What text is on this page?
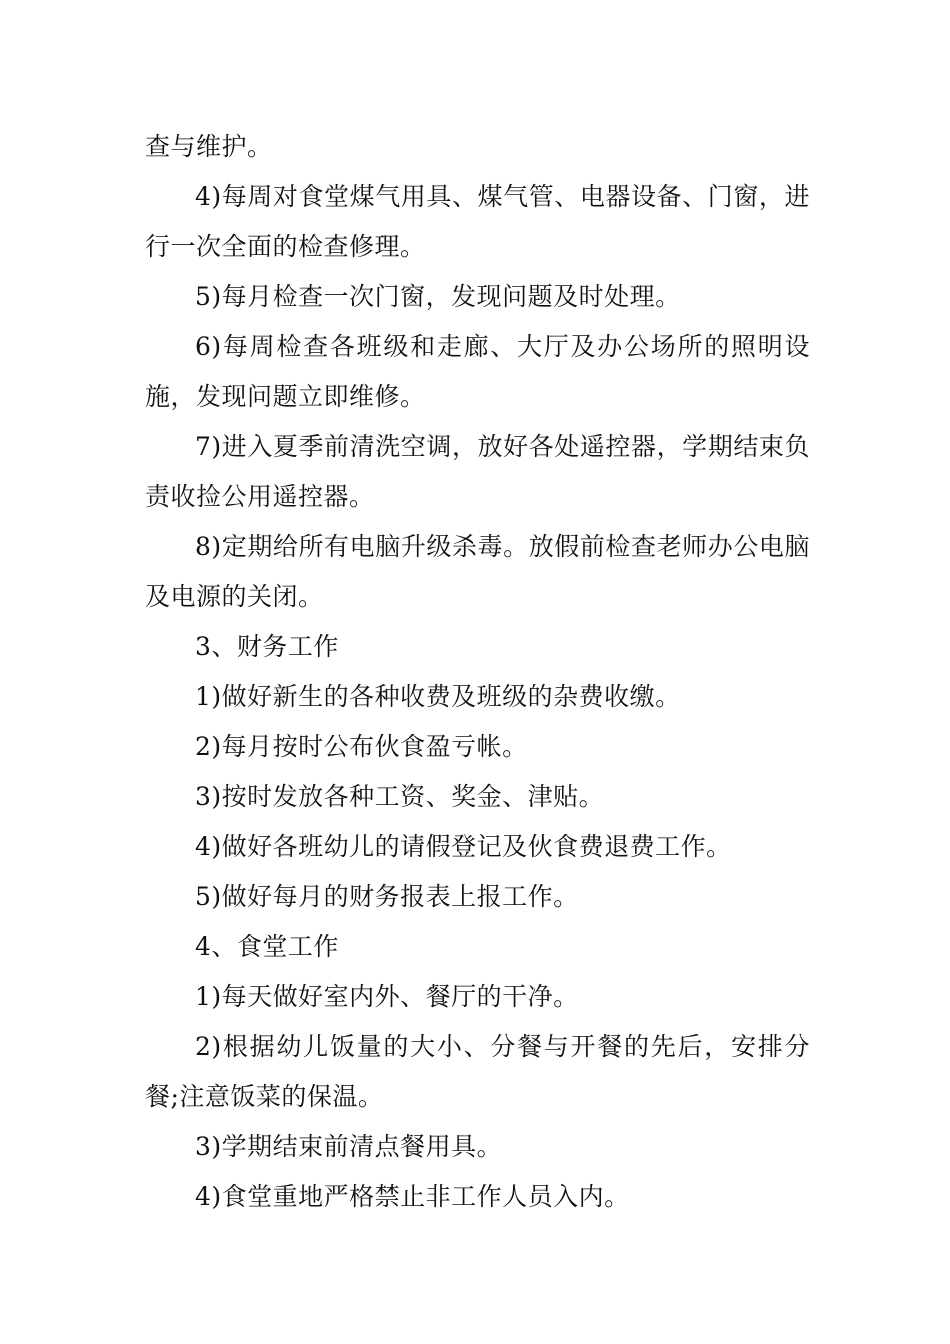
查与维护。

4)每周对食堂煤气用具、煤气管、电器设备、门窗，进行一次全面的检查修理。

5)每月检查一次门窗，发现问题及时处理。

6)每周检查各班级和走廊、大厅及办公场所的照明设施，发现问题立即维修。

7)进入夏季前清洗空调，放好各处遥控器，学期结束负责收捡公用遥控器。

8)定期给所有电脑升级杀毒。放假前检查老师办公电脑及电源的关闭。

3、财务工作

1)做好新生的各种收费及班级的杂费收缴。

2)每月按时公布伙食盈亏帐。

3)按时发放各种工资、奖金、津贴。

4)做好各班幼儿的请假登记及伙食费退费工作。

5)做好每月的财务报表上报工作。

4、食堂工作

1)每天做好室内外、餐厅的干净。

2)根据幼儿饭量的大小、分餐与开餐的先后，安排分餐;注意饭菜的保温。

3)学期结束前清点餐用具。

4)食堂重地严格禁止非工作人员入内。
